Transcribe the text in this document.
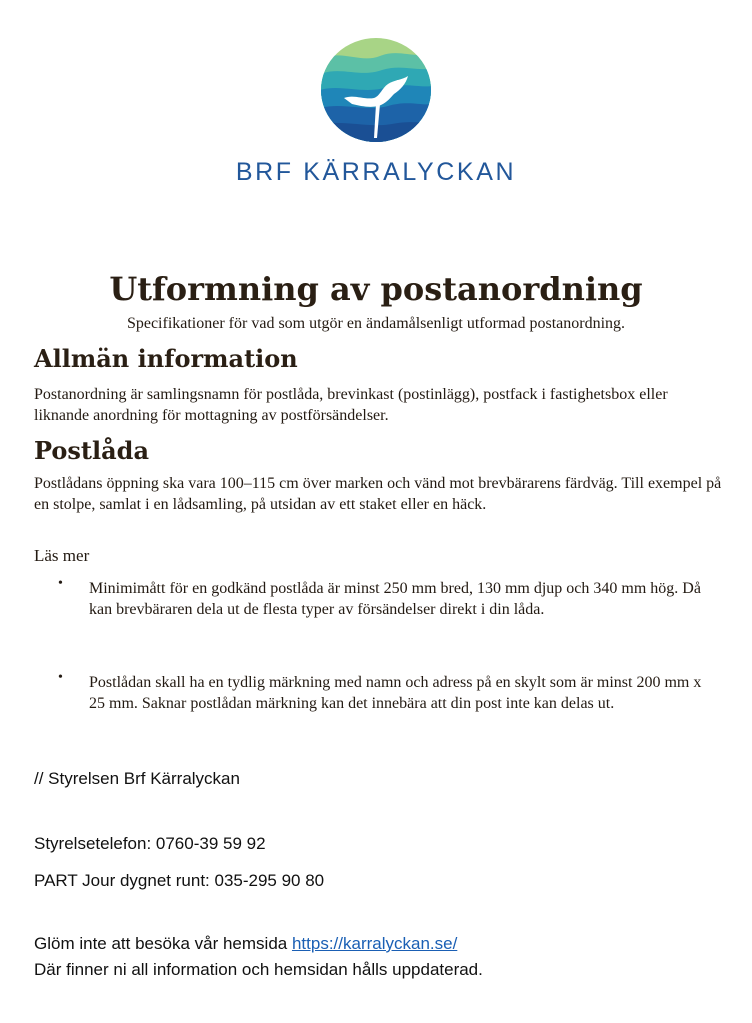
BRF KÄRRALYCKAN
Utformning av postanordning
Specifikationer för vad som utgör en ändamålsenligt utformad postanordning.
Allmän information
Postanordning är samlingsnamn för postlåda, brevinkast (postinlägg), postfack i fastighetsbox eller liknande anordning för mottagning av postförsändelser.
Postlåda
Postlådans öppning ska vara 100–115 cm över marken och vänd mot brevbärarens färdväg. Till exempel på en stolpe, samlat i en lådsamling, på utsidan av ett staket eller en häck.
Läs mer
• Minimimått för en godkänd postlåda är minst 250 mm bred, 130 mm djup och 340 mm hög. Då kan brevbäraren dela ut de flesta typer av försändelser direkt i din låda.
• Postlådan skall ha en tydlig märkning med namn och adress på en skylt som är minst 200 mm x 25 mm. Saknar postlådan märkning kan det innebära att din post inte kan delas ut.
// Styrelsen Brf Kärralyckan
Styrelsetelefon: 0760-39 59 92
PART Jour dygnet runt: 035-295 90 80
Glöm inte att besöka vår hemsida https://karralyckan.se/
Där finner ni all information och hemsidan hålls uppdaterad.
